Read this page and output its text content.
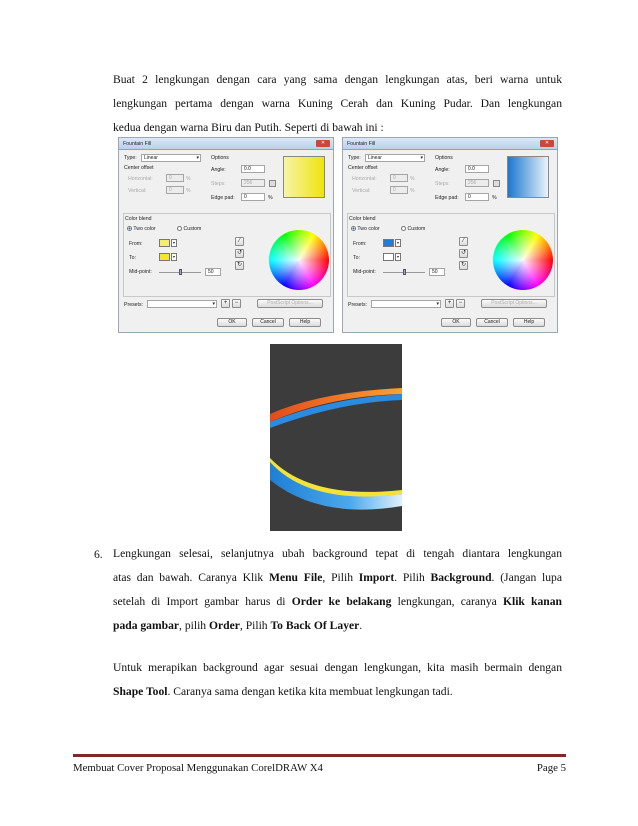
Buat 2 lengkungan dengan cara yang sama dengan lengkungan atas, beri warna untuk
lengkungan pertama dengan warna Kuning Cerah dan Kuning Pudar. Dan lengkungan
kedua dengan warna Biru dan Putih. Seperti di bawah ini :
Fountain Fill	✕
Type:	Linear ▾
Center offset
Horizontal:	0	%
Vertical:	0	%
Options
Angle:	0.0
Steps:	256
Edge pad:	0	%
Color blend
Two color	Custom
From:	▾
To:	▾
Mid-point:	50
⁄
↺
↻
Presets: ▾	+	−	PostScript Options...
OK	Cancel	Help
Fountain Fill	✕
Type:	Linear ▾
Center offset
Horizontal:	0	%
Vertical:	0	%
Options
Angle:	0.0
Steps:	256
Edge pad:	0	%
Color blend
Two color	Custom
From:	▾
To:	▾
Mid-point:	50
⁄
↺
↻
Presets: ▾	+	−	PostScript Options...
OK	Cancel	Help
6. Lengkungan selesai, selanjutnya ubah background tepat di tengah diantara lengkungan
atas dan bawah. Caranya Klik Menu File, Pilih Import. Pilih Background. (Jangan lupa
setelah di Import gambar harus di Order ke belakang lengkungan, caranya Klik kanan
pada gambar, pilih Order, Pilih To Back Of Layer.
Untuk merapikan background agar sesuai dengan lengkungan, kita masih bermain dengan
Shape Tool. Caranya sama dengan ketika kita membuat lengkungan tadi.
Membuat Cover Proposal Menggunakan CorelDRAW X4	Page 5
